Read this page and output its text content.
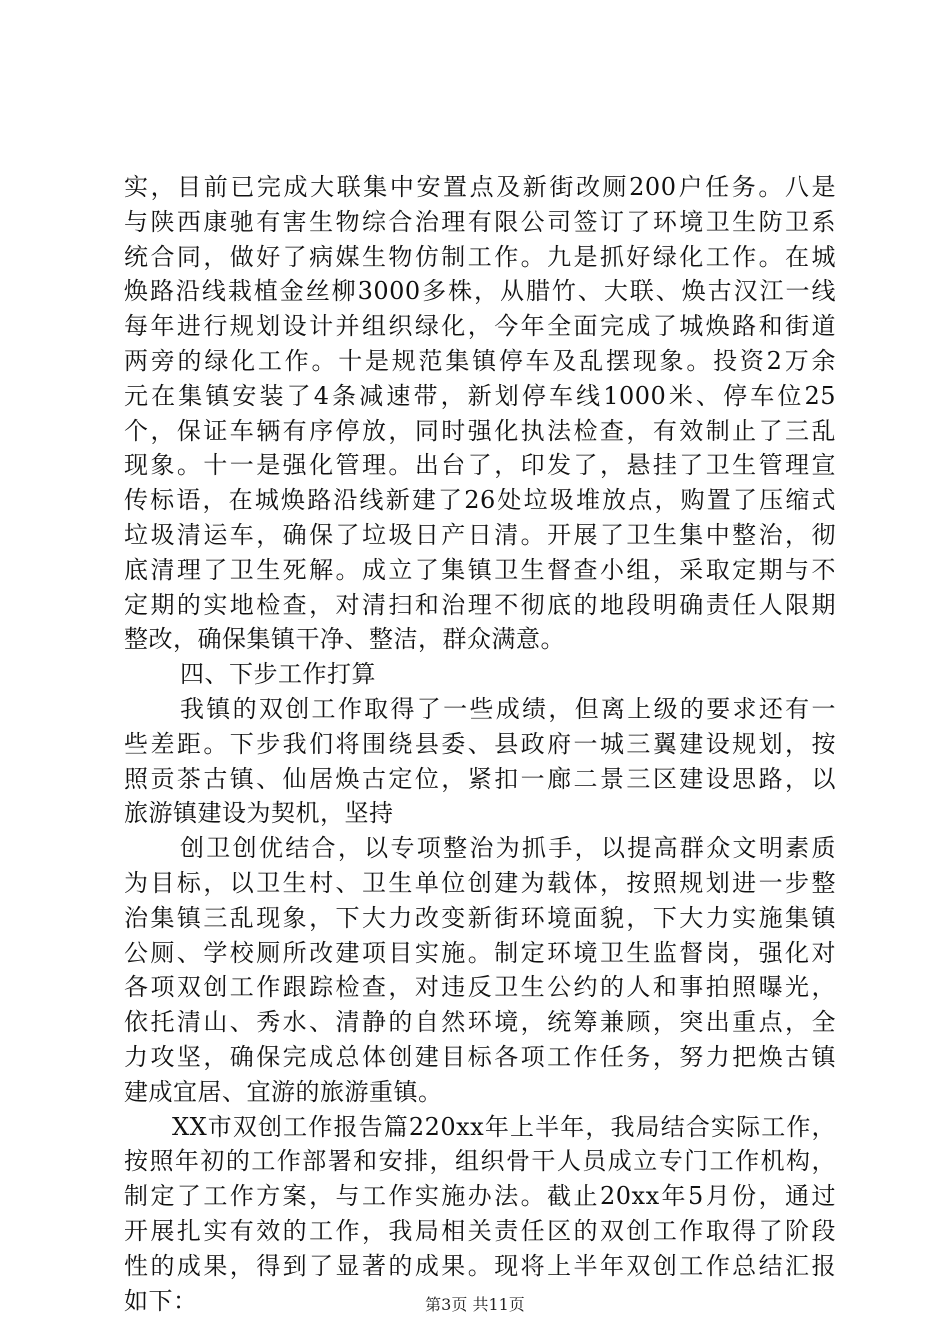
实，目前已完成大联集中安置点及新街改厕200户任务。八是
与陕西康驰有害生物综合治理有限公司签订了环境卫生防卫系
统合同，做好了病媒生物仿制工作。九是抓好绿化工作。在城
焕路沿线栽植金丝柳3000多株，从腊竹、大联、焕古汉江一线
每年进行规划设计并组织绿化，今年全面完成了城焕路和街道
两旁的绿化工作。十是规范集镇停车及乱摆现象。投资2万余
元在集镇安装了4条减速带，新划停车线1000米、停车位25
个，保证车辆有序停放，同时强化执法检查，有效制止了三乱
现象。十一是强化管理。出台了，印发了，悬挂了卫生管理宣
传标语，在城焕路沿线新建了26处垃圾堆放点，购置了压缩式
垃圾清运车，确保了垃圾日产日清。开展了卫生集中整治，彻
底清理了卫生死解。成立了集镇卫生督查小组，采取定期与不
定期的实地检查，对清扫和治理不彻底的地段明确责任人限期
整改，确保集镇干净、整洁，群众满意。
四、下步工作打算
我镇的双创工作取得了一些成绩，但离上级的要求还有一
些差距。下步我们将围绕县委、县政府一城三翼建设规划，按
照贡茶古镇、仙居焕古定位，紧扣一廊二景三区建设思路，以
旅游镇建设为契机，坚持
创卫创优结合，以专项整治为抓手，以提高群众文明素质
为目标，以卫生村、卫生单位创建为载体，按照规划进一步整
治集镇三乱现象，下大力改变新街环境面貌，下大力实施集镇
公厕、学校厕所改建项目实施。制定环境卫生监督岗，强化对
各项双创工作跟踪检查，对违反卫生公约的人和事拍照曝光，
依托清山、秀水、清静的自然环境，统筹兼顾，突出重点，全
力攻坚，确保完成总体创建目标各项工作任务，努力把焕古镇
建成宜居、宜游的旅游重镇。
XX市双创工作报告篇220xx年上半年，我局结合实际工作，
按照年初的工作部署和安排，组织骨干人员成立专门工作机构，
制定了工作方案，与工作实施办法。截止20xx年5月份，通过
开展扎实有效的工作，我局相关责任区的双创工作取得了阶段
性的成果，得到了显著的成果。现将上半年双创工作总结汇报
如下：	第3页 共11页
